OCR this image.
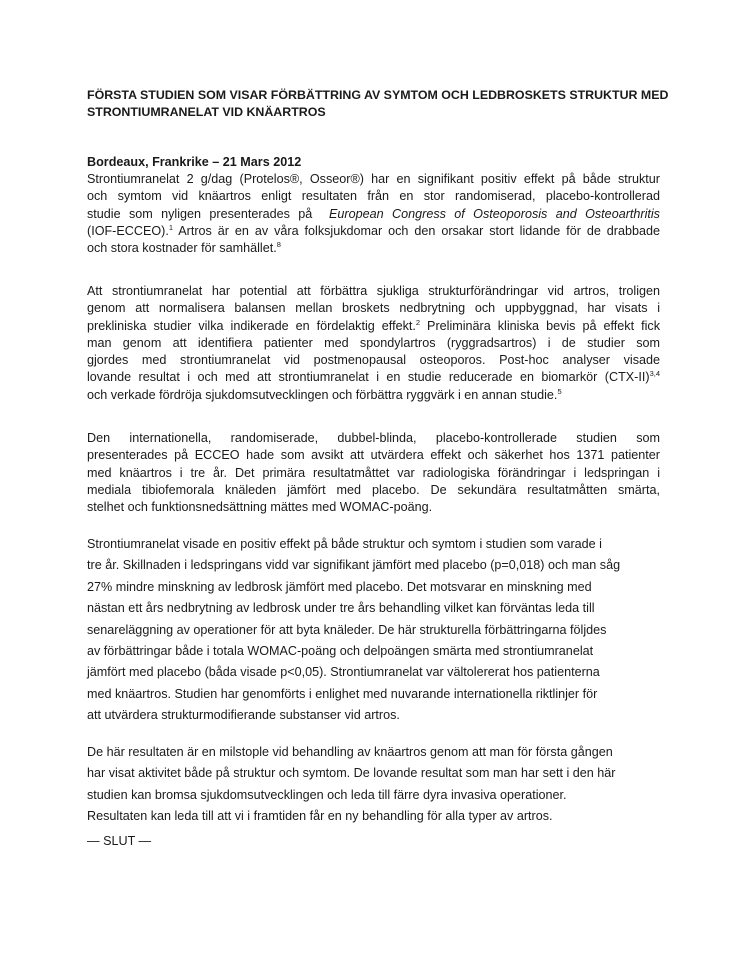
FÖRSTA STUDIEN SOM VISAR FÖRBÄTTRING AV SYMTOM OCH LEDBROSKETS STRUKTUR MED
STRONTIUMRANELAT VID KNÄARTROS

Bordeaux, Frankrike – 21 Mars 2012

Strontiumranelat 2 g/dag (Protelos®, Osseor®) har en signifikant positiv effekt på både struktur
och symtom vid knäartros enligt resultaten från en stor randomiserad, placebo-kontrollerad
studie som nyligen presenterades på European Congress of Osteoporosis and Osteoarthritis
(IOF-ECCEO).$^1$ Artros är en av våra folksjukdomar och den orsakar stort lidande för de drabbade
och stora kostnader för samhället.$^8$
Att strontiumranelat har potential att förbättra sjukliga strukturförändringar vid artros, troligen
genom att normalisera balansen mellan broskets nedbrytning och uppbyggnad, har visats i
prekliniska studier vilka indikerade en fördelaktig effekt.$^2$ Preliminära kliniska bevis på effekt fick
man genom att identifiera patienter med spondylartros (ryggradsartros) i de studier som
gjordes med strontiumranelat vid postmenopausal osteoporos. Post-hoc analyser visade
lovande resultat i och med att strontiumranelat i en studie reducerade en biomarkör $(CTX-II)^{3,4}$
och verkade fördröja sjukdomsutvecklingen och förbättra ryggvärk i en annan studie.$^5$
Den internationella, randomiserade, dubbel-blinda, placebo-kontrollerade studien som
presenterades på ECCEO hade som avsikt att utvärdera effekt och säkerhet hos 1371 patienter
med knäartros i tre år. Det primära resultatmåttet var radiologiska förändringar i ledspringan i
mediala tibiofemorala knäleden jämfört med placebo. De sekundära resultatmåtten smärta,
stelhet och funktionsnedsättning mättes med WOMAC-poäng.
Strontiumranelat visade en positiv effekt på både struktur och symtom i studien som varade i
tre år. Skillnaden i ledspringans vidd var signifikant jämfört med placebo (p=0,018) och man såg
27% mindre minskning av ledbrosk jämfört med placebo. Det motsvarar en minskning med
nästan ett års nedbrytning av ledbrosk under tre års behandling vilket kan förväntas leda till
senareläggning av operationer för att byta knäleder. De här strukturella förbättringarna följdes
av förbättringar både i totala WOMAC-poäng och delpoängen smärta med strontiumranelat
jämfört med placebo (båda visade p<0,05). Strontiumranelat var vältolererat hos patienterna
med knäartros. Studien har genomförts i enlighet med nuvarande internationella riktlinjer för
att utvärdera strukturmodifierande substanser vid artros.
De här resultaten är en milstople vid behandling av knäartros genom att man för första gången
har visat aktivitet både på struktur och symtom. De lovande resultat som man har sett i den här
studien kan bromsa sjukdomsutvecklingen och leda till färre dyra invasiva operationer.
Resultaten kan leda till att vi i framtiden får en ny behandling för alla typer av artros.

— SLUT —
